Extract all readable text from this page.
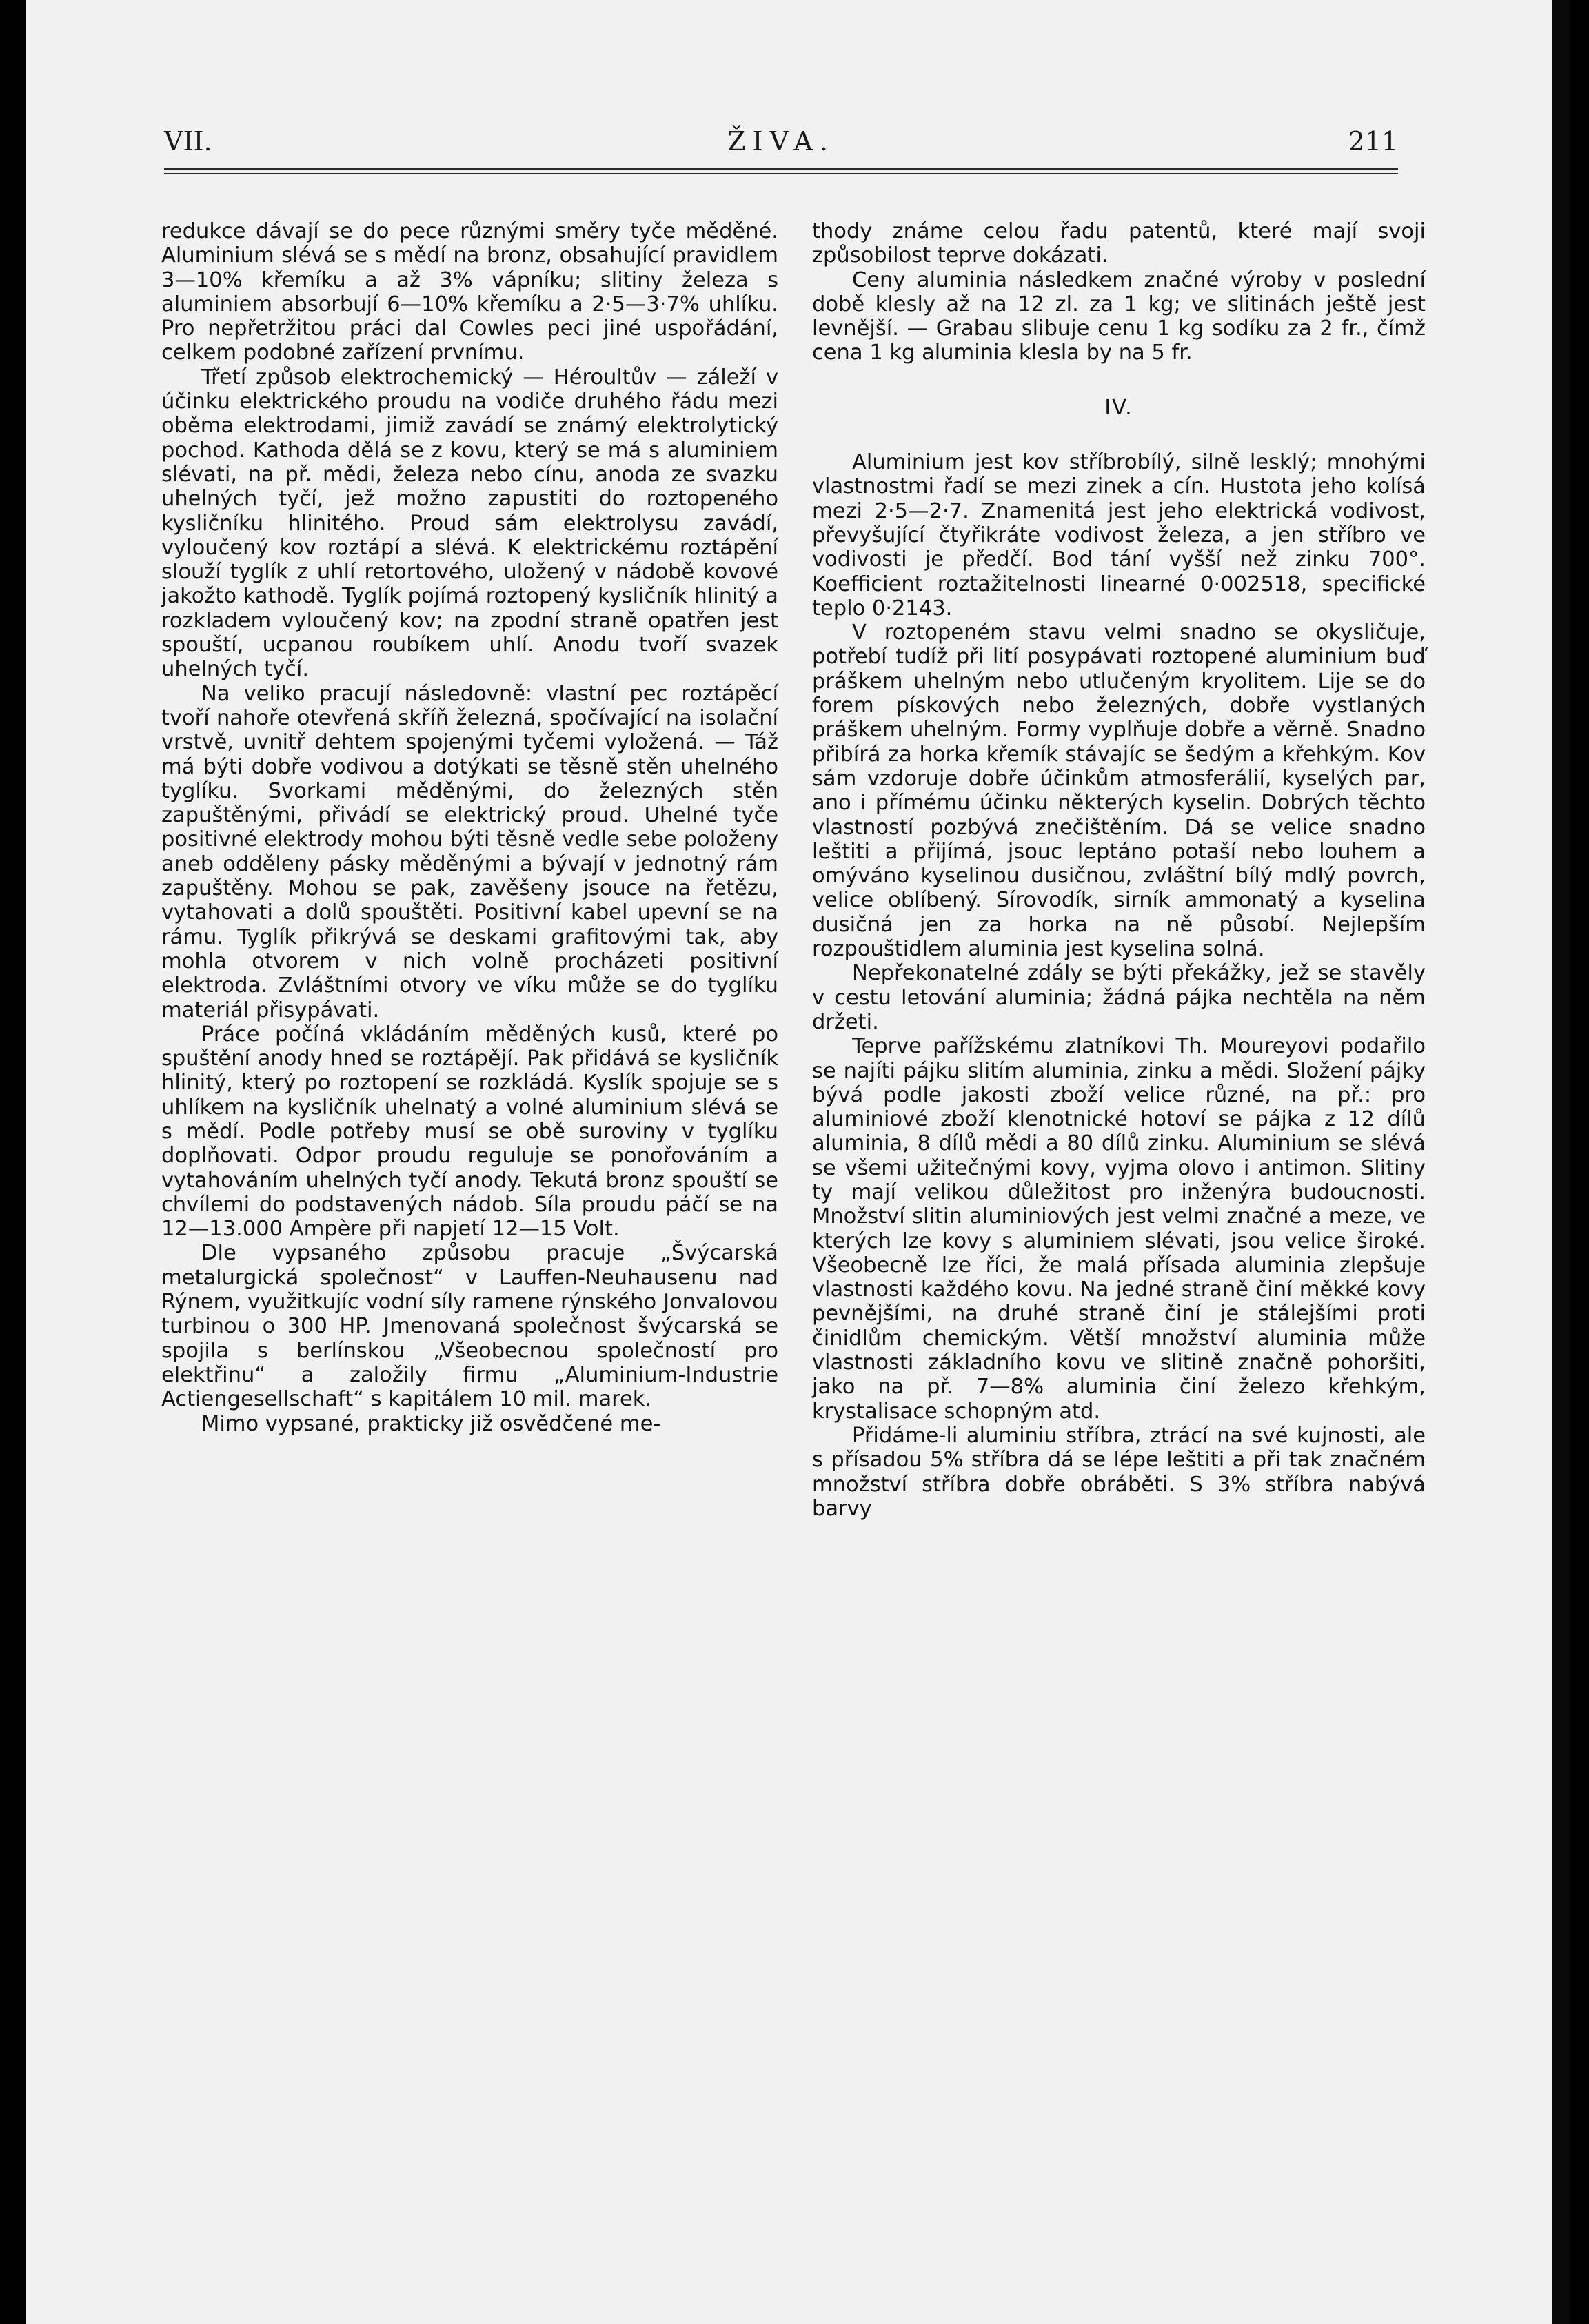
VII.	ŽIVA.	211

redukce dávají se do pece různými směry tyče měděné. Aluminium slévá se s mědí na bronz, obsahující pravidlem 3—10% křemíku a až 3% vápníku; slitiny železa s aluminiem absorbují 6—10% křemíku a 2·5—3·7% uhlíku. Pro nepřetržitou práci dal Cowles peci jiné uspořádání, celkem podobné zařízení prvnímu.

Třetí způsob elektrochemický — Héroultův — záleží v účinku elektrického proudu na vodiče druhého řádu mezi oběma elektrodami, jimiž zavádí se známý elektrolytický pochod. Kathoda dělá se z kovu, který se má s aluminiem slévati, na př. mědi, železa nebo cínu, anoda ze svazku uhelných tyčí, jež možno zapustiti do roztopeného kysličníku hlinitého. Proud sám elektrolysu zavádí, vyloučený kov roztápí a slévá. K elektrickému roztápění slouží tyglík z uhlí retortového, uložený v nádobě kovové jakožto kathodě. Tyglík pojímá roztopený kysličník hlinitý a rozkladem vyloučený kov; na zpodní straně opatřen jest spouští, ucpanou roubíkem uhlí. Anodu tvoří svazek uhelných tyčí.

Na veliko pracují následovně: vlastní pec roztápěcí tvoří nahoře otevřená skříň železná, spočívající na isolační vrstvě, uvnitř dehtem spojenými tyčemi vyložená. — Táž má býti dobře vodivou a dotýkati se těsně stěn uhelného tyglíku. Svorkami měděnými, do železných stěn zapuštěnými, přivádí se elektrický proud. Uhelné tyče positivné elektrody mohou býti těsně vedle sebe položeny aneb odděleny pásky měděnými a bývají v jednotný rám zapuštěny. Mohou se pak, zavěšeny jsouce na řetězu, vytahovati a dolů spouštěti. Positivní kabel upevní se na rámu. Tyglík přikrývá se deskami grafitovými tak, aby mohla otvorem v nich volně procházeti positivní elektroda. Zvláštními otvory ve víku může se do tyglíku materiál přisypávati.

Práce počíná vkládáním měděných kusů, které po spuštění anody hned se roztápějí. Pak přidává se kysličník hlinitý, který po roztopení se rozkládá. Kyslík spojuje se s uhlíkem na kysličník uhelnatý a volné aluminium slévá se s mědí. Podle potřeby musí se obě suroviny v tyglíku doplňovati. Odpor proudu reguluje se ponořováním a vytahováním uhelných tyčí anody. Tekutá bronz spouští se chvílemi do podstavených nádob. Síla proudu páčí se na 12—13.000 Ampère při napjetí 12—15 Volt.

Dle vypsaného způsobu pracuje „Švýcarská metalurgická společnost“ v Lauffen-Neuhausenu nad Rýnem, využitkujíc vodní síly ramene rýnského Jonvalovou turbinou o 300 HP. Jmenovaná společnost švýcarská se spojila s berlínskou „Všeobecnou společností pro elektřinu“ a založily firmu „Aluminium-Industrie Actiengesellschaft“ s kapitálem 10 mil. marek.

Mimo vypsané, prakticky již osvědčené me-

thody známe celou řadu patentů, které mají svoji způsobilost teprve dokázati.

Ceny aluminia následkem značné výroby v poslední době klesly až na 12 zl. za 1 kg; ve slitinách ještě jest levnější. — Grabau slibuje cenu 1 kg sodíku za 2 fr., čímž cena 1 kg aluminia klesla by na 5 fr.

IV.

Aluminium jest kov stříbrobílý, silně lesklý; mnohými vlastnostmi řadí se mezi zinek a cín. Hustota jeho kolísá mezi 2·5—2·7. Znamenitá jest jeho elektrická vodivost, převyšující čtyřikráte vodivost železa, a jen stříbro ve vodivosti je předčí. Bod tání vyšší než zinku 700°. Koefficient roztažitelnosti linearné 0·002518, specifické teplo 0·2143.

V roztopeném stavu velmi snadno se okysličuje, potřebí tudíž při lití posypávati roztopené aluminium buď práškem uhelným nebo utlučeným kryolitem. Lije se do forem pískových nebo železných, dobře vystlaných práškem uhelným. Formy vyplňuje dobře a věrně. Snadno přibírá za horka křemík stávajíc se šedým a křehkým. Kov sám vzdoruje dobře účinkům atmosferálií, kyselých par, ano i přímému účinku některých kyselin. Dobrých těchto vlastností pozbývá znečištěním. Dá se velice snadno leštiti a přijímá, jsouc leptáno potaší nebo louhem a omýváno kyselinou dusičnou, zvláštní bílý mdlý povrch, velice oblíbený. Sírovodík, sirník ammonatý a kyselina dusičná jen za horka na ně působí. Nejlepším rozpouštidlem aluminia jest kyselina solná.

Nepřekonatelné zdály se býti překážky, jež se stavěly v cestu letování aluminia; žádná pájka nechtěla na něm držeti.

Teprve pařížskému zlatníkovi Th. Moureyovi podařilo se najíti pájku slitím aluminia, zinku a mědi. Složení pájky bývá podle jakosti zboží velice různé, na př.: pro aluminiové zboží klenotnické hotoví se pájka z 12 dílů aluminia, 8 dílů mědi a 80 dílů zinku. Aluminium se slévá se všemi užitečnými kovy, vyjma olovo i antimon. Slitiny ty mají velikou důležitost pro inženýra budoucnosti. Množství slitin aluminiových jest velmi značné a meze, ve kterých lze kovy s aluminiem slévati, jsou velice široké. Všeobecně lze říci, že malá přísada aluminia zlepšuje vlastnosti každého kovu. Na jedné straně činí měkké kovy pevnějšími, na druhé straně činí je stálejšími proti činidlům chemickým. Větší množství aluminia může vlastnosti základního kovu ve slitině značně pohoršiti, jako na př. 7—8% aluminia činí železo křehkým, krystalisace schopným atd.

Přidáme-li aluminiu stříbra, ztrácí na své kujnosti, ale s přísadou 5% stříbra dá se lépe leštiti a při tak značném množství stříbra dobře obráběti. S 3% stříbra nabývá barvy
